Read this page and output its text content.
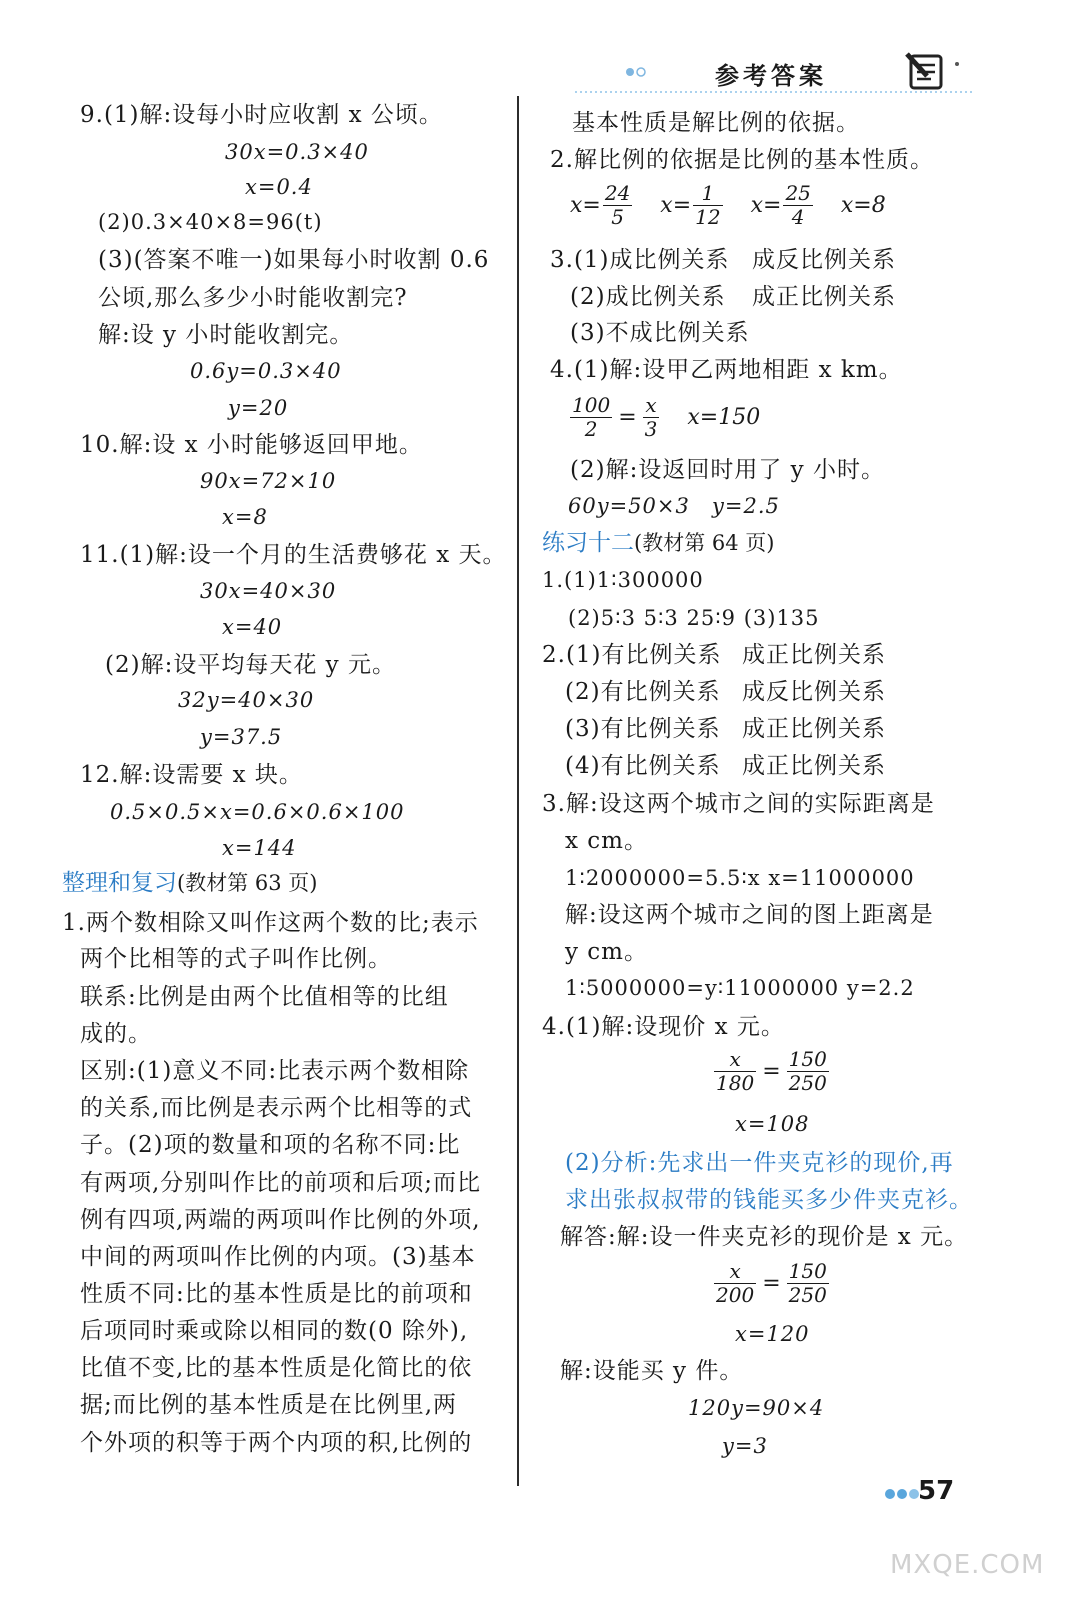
参考答案
9.(1)解:设每小时应收割 x 公顷。
30x=0.3×40
x=0.4
(2)0.3×40×8=96(t)
(3)(答案不唯一)如果每小时收割 0.6
公顷,那么多少小时能收割完?
解:设 y 小时能收割完。
0.6y=0.3×40
y=20
10.解:设 x 小时能够返回甲地。
90x=72×10
x=8
11.(1)解:设一个月的生活费够花 x 天。
30x=40×30
x=40
(2)解:设平均每天花 y 元。
32y=40×30
y=37.5
12.解:设需要 x 块。
0.5×0.5×x=0.6×0.6×100
x=144
整理和复习(教材第 63 页)
1.两个数相除又叫作这两个数的比;表示
两个比相等的式子叫作比例。
联系:比例是由两个比值相等的比组
成的。
区别:(1)意义不同:比表示两个数相除
的关系,而比例是表示两个比相等的式
子。(2)项的数量和项的名称不同:比
有两项,分别叫作比的前项和后项;而比
例有四项,两端的两项叫作比例的外项,
中间的两项叫作比例的内项。(3)基本
性质不同:比的基本性质是比的前项和
后项同时乘或除以相同的数(0 除外),
比值不变,比的基本性质是化简比的依
据;而比例的基本性质是在比例里,两
个外项的积等于两个内项的积,比例的
基本性质是解比例的依据。
2.解比例的依据是比例的基本性质。
$x= \frac{24}{5} x= \frac{1}{12} x= \frac{25}{4} x=8$
3.(1)成比例关系 成反比例关系
(2)成比例关系 成正比例关系
(3)不成比例关系
4.(1)解:设甲乙两地相距 x km。
$\frac{100}{2} = \frac{x}{3} x=150$
(2)解:设返回时用了 y 小时。
60y=50×3 y=2.5
练习十二(教材第 64 页)
1.(1)1∶300000
(2)5∶3 5∶3 25∶9 (3)135
2.(1)有比例关系 成正比例关系
(2)有比例关系 成反比例关系
(3)有比例关系 成正比例关系
(4)有比例关系 成正比例关系
3.解:设这两个城市之间的实际距离是
x cm。
1∶2000000=5.5∶x x=11000000
解:设这两个城市之间的图上距离是
y cm。
1∶5000000=y∶11000000 y=2.2
4.(1)解:设现价 x 元。
$\frac{x}{180} = \frac{150}{250}$
x=108
(2)分析:先求出一件夹克衫的现价,再
求出张叔叔带的钱能买多少件夹克衫。
解答:解:设一件夹克衫的现价是 x 元。
$\frac{x}{200} = \frac{150}{250}$
x=120
解:设能买 y 件。
120y=90×4
y=3
57
MXQE.COM
